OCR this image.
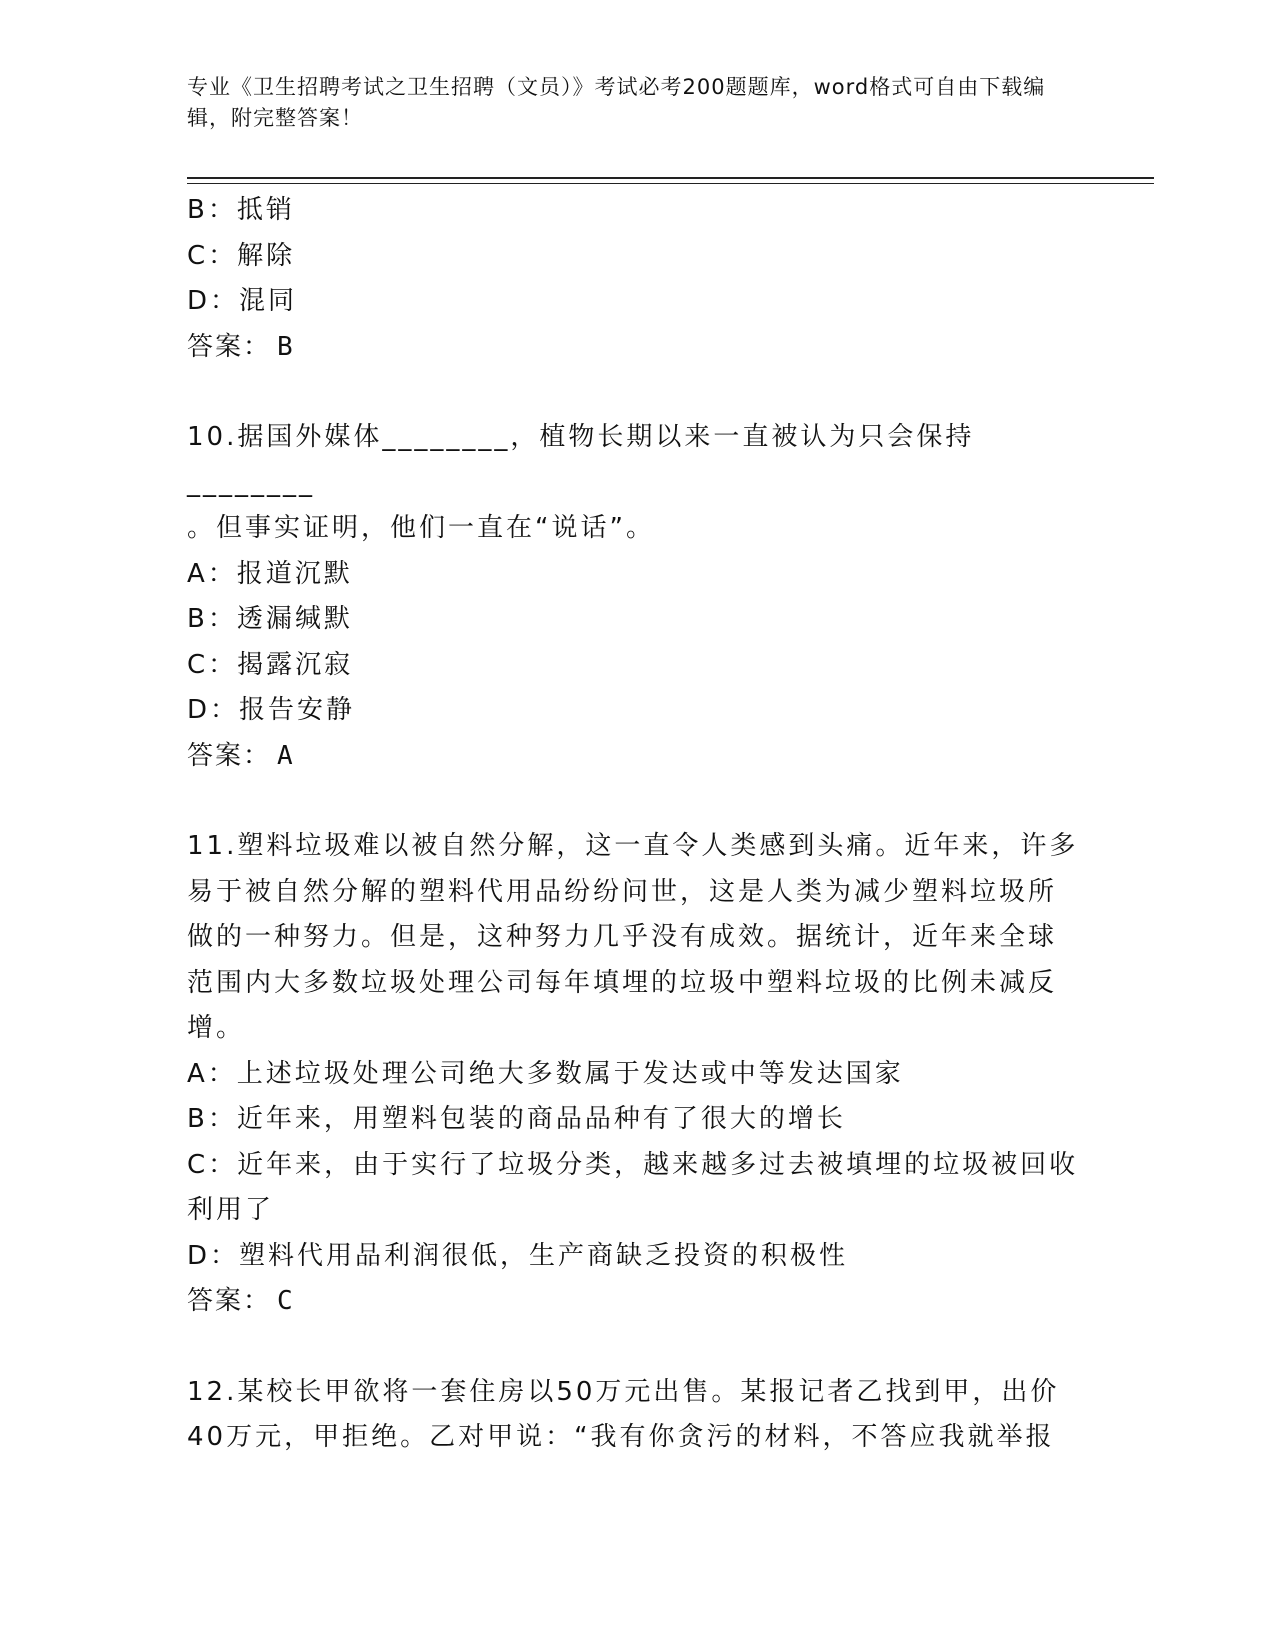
专业《卫生招聘考试之卫生招聘（文员）》考试必考200题题库，word格式可自由下载编辑，附完整答案！
B：抵销
C：解除
D：混同
答案： B
10.据国外媒体________，植物长期以来一直被认为只会保持________
。但事实证明，他们一直在“说话”。
A：报道沉默
B：透漏缄默
C：揭露沉寂
D：报告安静
答案： A
11.塑料垃圾难以被自然分解，这一直令人类感到头痛。近年来，许多
易于被自然分解的塑料代用品纷纷问世，这是人类为减少塑料垃圾所
做的一种努力。但是，这种努力几乎没有成效。据统计，近年来全球
范围内大多数垃圾处理公司每年填埋的垃圾中塑料垃圾的比例未减反
增。
A：上述垃圾处理公司绝大多数属于发达或中等发达国家
B：近年来，用塑料包装的商品品种有了很大的增长
C：近年来，由于实行了垃圾分类，越来越多过去被填埋的垃圾被回收
利用了
D：塑料代用品利润很低，生产商缺乏投资的积极性
答案： C
12.某校长甲欲将一套住房以50万元出售。某报记者乙找到甲，出价
40万元，甲拒绝。乙对甲说：“我有你贪污的材料，不答应我就举报
